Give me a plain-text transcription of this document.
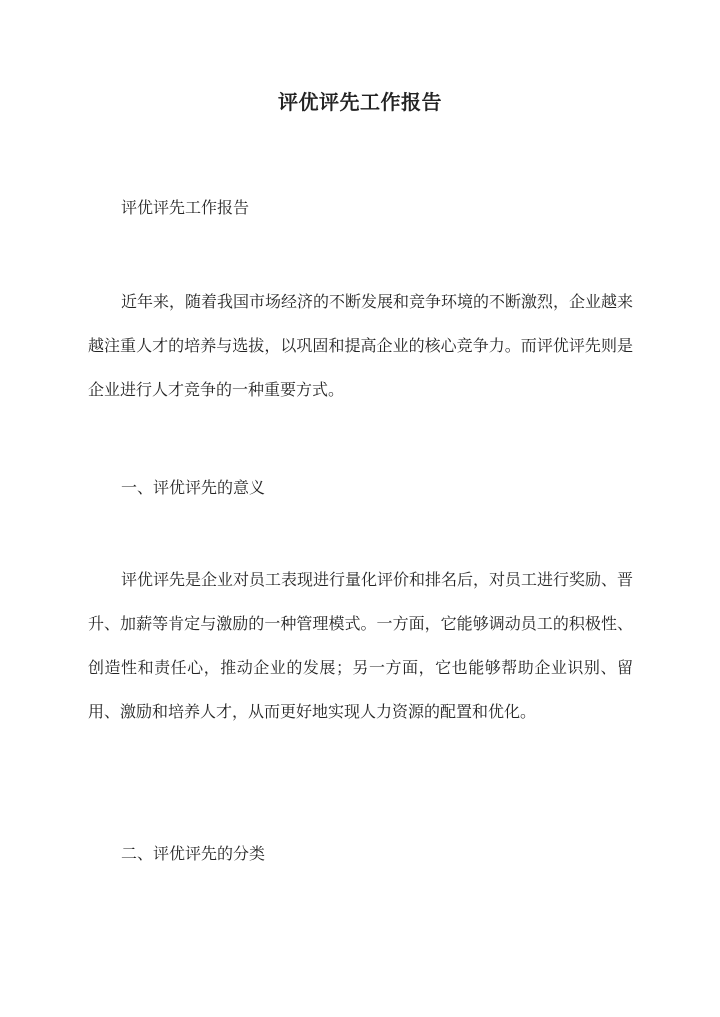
评优评先工作报告

评优评先工作报告

近年来，随着我国市场经济的不断发展和竞争环境的不断激烈，企业越来越注重人才的培养与选拔，以巩固和提高企业的核心竞争力。而评优评先则是企业进行人才竞争的一种重要方式。

一、评优评先的意义

评优评先是企业对员工表现进行量化评价和排名后，对员工进行奖励、晋升、加薪等肯定与激励的一种管理模式。一方面，它能够调动员工的积极性、创造性和责任心，推动企业的发展；另一方面，它也能够帮助企业识别、留用、激励和培养人才，从而更好地实现人力资源的配置和优化。

二、评优评先的分类
